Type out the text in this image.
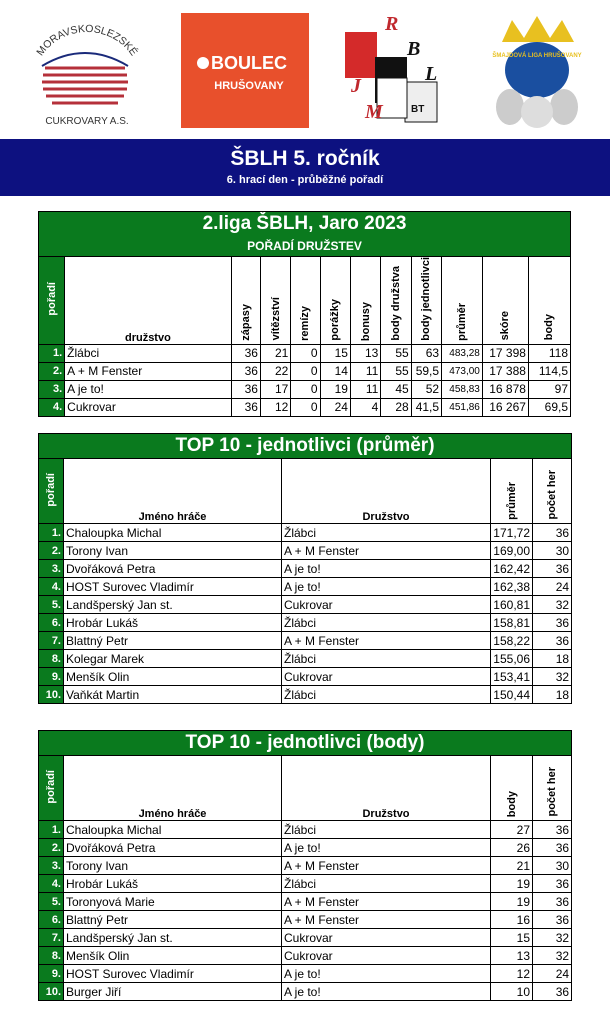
MORAVSKOSLEZSKÉ
CUKROVARY A.S.
BOULEC
HRUŠOVANY
R
B
L
J
M	BT
ŠMAJDOVÁ LIGA HRUŠOVANY
ŠBLH 5. ročník
6. hrací den - průběžné pořadí
2.liga ŠBLH, Jaro 2023											
POŘADÍ DRUŽSTEV											
pořadí	družstvo	zápasy	vítězství	remízy	porážky	bonusy	body družstva	body jednotlivci	průměr	skóre	body
1.	Žlábci	36	21	0	15	13	55	63	483,28	17 398	118
2.	A + M Fenster	36	22	0	14	11	55	59,5	473,00	17 388	114,5
3.	A je to!	36	17	0	19	11	45	52	458,83	16 878	97
4.	Cukrovar	36	12	0	24	4	28	41,5	451,86	16 267	69,5
TOP 10 - jednotlivci (průměr)				
pořadí	Jméno hráče	Družstvo	průměr	počet her
1.	Chaloupka Michal	Žlábci	171,72	36
2.	Torony Ivan	A + M Fenster	169,00	30
3.	Dvořáková Petra	A je to!	162,42	36
4.	HOST Surovec Vladimír	A je to!	162,38	24
5.	Landšperský Jan st.	Cukrovar	160,81	32
6.	Hrobár Lukáš	Žlábci	158,81	36
7.	Blattný Petr	A + M Fenster	158,22	36
8.	Kolegar Marek	Žlábci	155,06	18
9.	Menšík Olin	Cukrovar	153,41	32
10.	Vaňkát Martin	Žlábci	150,44	18
TOP 10 - jednotlivci (body)				
pořadí	Jméno hráče	Družstvo	body	počet her
1.	Chaloupka Michal	Žlábci	27	36
2.	Dvořáková Petra	A je to!	26	36
3.	Torony Ivan	A + M Fenster	21	30
4.	Hrobár Lukáš	Žlábci	19	36
5.	Toronyová Marie	A + M Fenster	19	36
6.	Blattný Petr	A + M Fenster	16	36
7.	Landšperský Jan st.	Cukrovar	15	32
8.	Menšík Olin	Cukrovar	13	32
9.	HOST Surovec Vladimír	A je to!	12	24
10.	Burger Jiří	A je to!	10	36
